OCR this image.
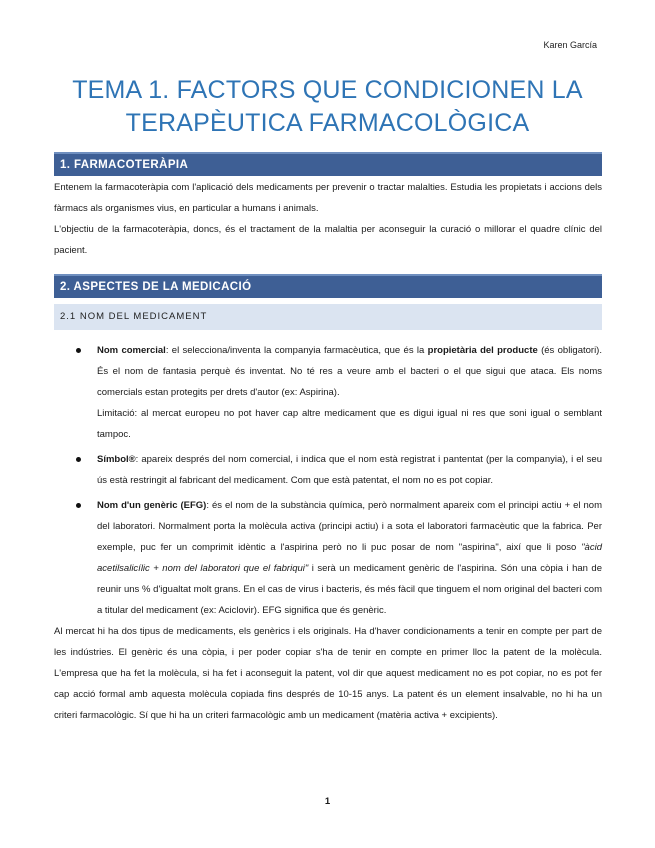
Karen García
TEMA 1. FACTORS QUE CONDICIONEN LA
TERAPÈUTICA FARMACOLÒGICA
1. FARMACOTERÀPIA

Entenem la farmacoteràpia com l'aplicació dels medicaments per prevenir o tractar malalties. Estudia les propietats i accions dels fàrmacs als organismes vius, en particular a humans i animals.

L'objectiu de la farmacoteràpia, doncs, és el tractament de la malaltia per aconseguir la curació o millorar el quadre clínic del pacient.

2. ASPECTES DE LA MEDICACIÓ
2.1 NOM DEL MEDICAMENT

Nom comercial: el selecciona/inventa la companyia farmacèutica, que és la propietària del producte (és obligatori). És el nom de fantasia perquè és inventat. No té res a veure amb el bacteri o el que sigui que ataca. Els noms comercials estan protegits per drets d'autor (ex: Aspirina).

Limitació: al mercat europeu no pot haver cap altre medicament que es digui igual ni res que soni igual o semblant tampoc.

Símbol®: apareix després del nom comercial, i indica que el nom està registrat i pantentat (per la companyia), i el seu ús està restringit al fabricant del medicament. Com que està patentat, el nom no es pot copiar.

Nom d'un genèric (EFG): és el nom de la substància química, però normalment apareix com el principi actiu + el nom del laboratori. Normalment porta la molècula activa (principi actiu) i a sota el laboratori farmacèutic que la fabrica. Per exemple, puc fer un comprimit idèntic a l'aspirina però no li puc posar de nom "aspirina", així que li poso "àcid acetilsalicílic + nom del laboratori que el fabriqui" i serà un medicament genèric de l'aspirina. Són una còpia i han de reunir uns % d'igualtat molt grans. En el cas de virus i bacteris, és més fàcil que tinguem el nom original del bacteri com a titular del medicament (ex: Aciclovir). EFG significa que és genèric.

Al mercat hi ha dos tipus de medicaments, els genèrics i els originals. Ha d'haver condicionaments a tenir en compte per part de les indústries. El genèric és una còpia, i per poder copiar s'ha de tenir en compte en primer lloc la patent de la molècula. L'empresa que ha fet la molècula, si ha fet i aconseguit la patent, vol dir que aquest medicament no es pot copiar, no es pot fer cap acció formal amb aquesta molècula copiada fins després de 10-15 anys. La patent és un element insalvable, no hi ha un criteri farmacològic. Sí que hi ha un criteri farmacològic amb un medicament (matèria activa + excipients).

1
